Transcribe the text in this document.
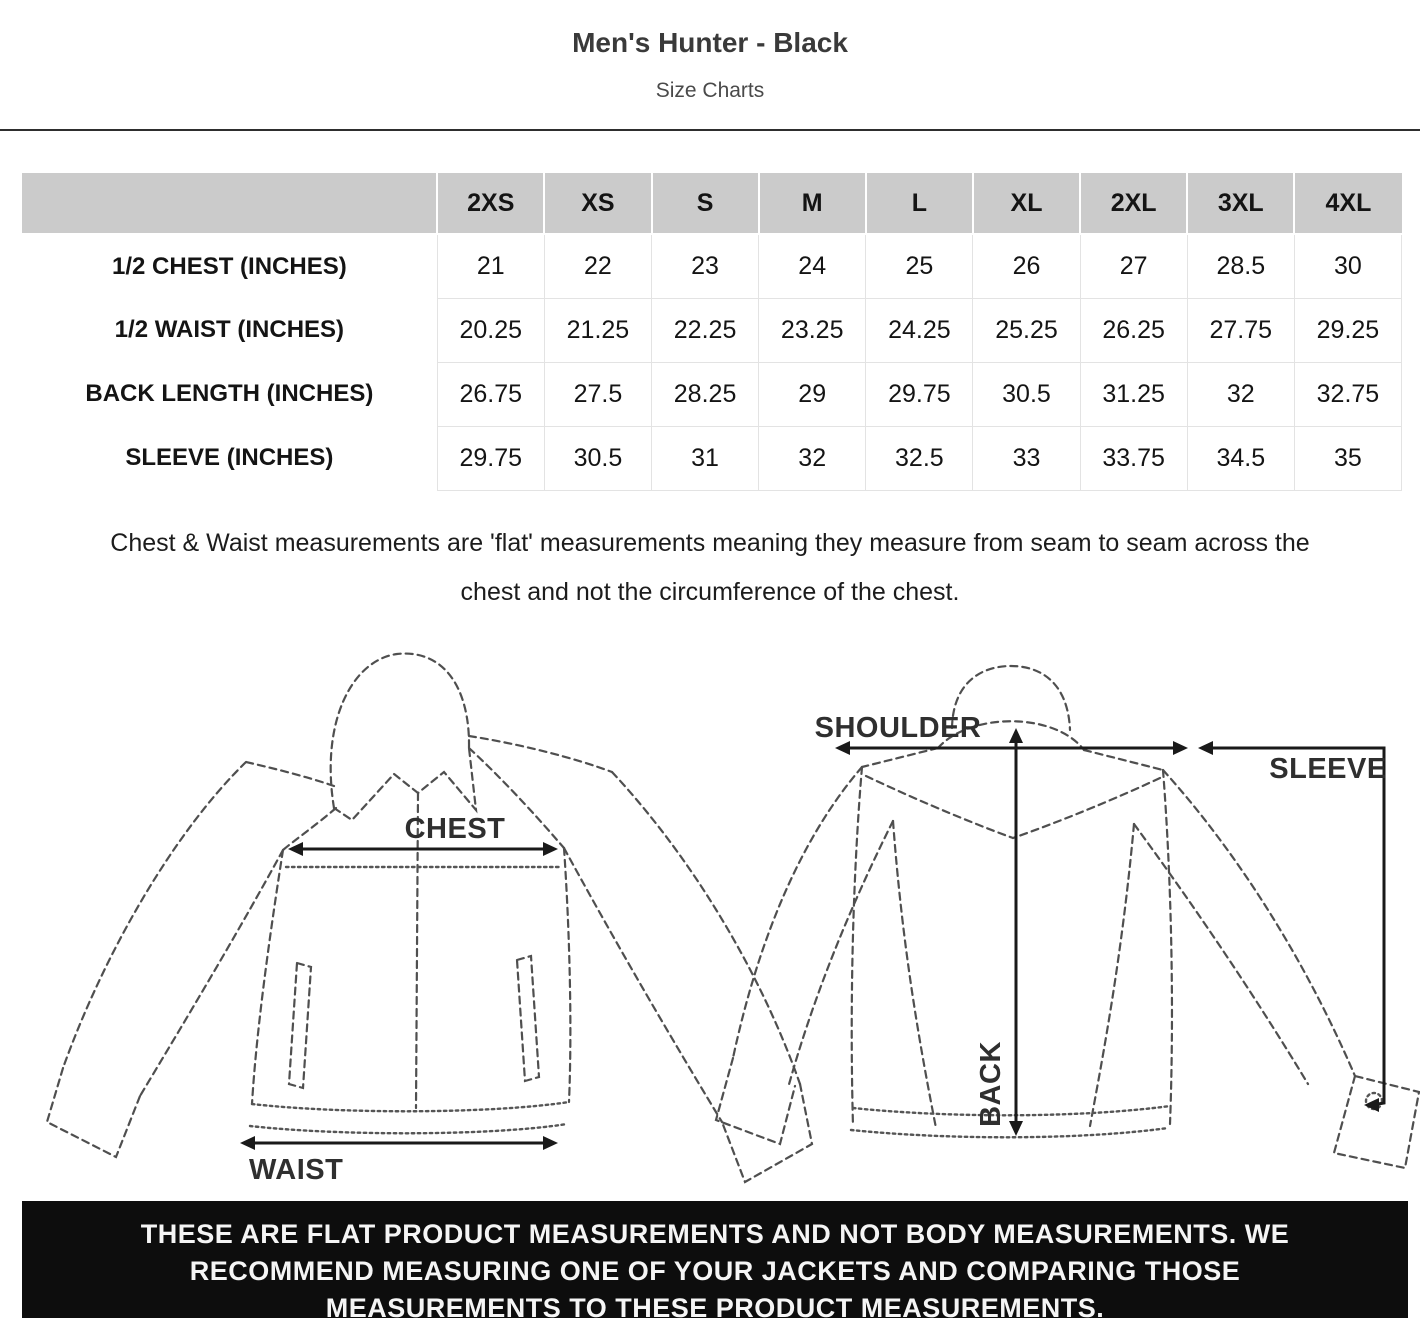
Men's Hunter - Black
Size Charts
	2XS	XS	S	M	L	XL	2XL	3XL	4XL
1/2 CHEST (INCHES)	21	22	23	24	25	26	27	28.5	30
1/2 WAIST (INCHES)	20.25	21.25	22.25	23.25	24.25	25.25	26.25	27.75	29.25
BACK LENGTH (INCHES)	26.75	27.5	28.25	29	29.75	30.5	31.25	32	32.75
SLEEVE (INCHES)	29.75	30.5	31	32	32.5	33	33.75	34.5	35
Chest & Waist measurements are 'flat' measurements meaning they measure from seam to seam across the
chest and not the circumference of the chest.
CHEST
WAIST
SHOULDER
SLEEVE
BACK
THESE ARE FLAT PRODUCT MEASUREMENTS AND NOT BODY MEASUREMENTS. WE
RECOMMEND MEASURING ONE OF YOUR JACKETS AND COMPARING THOSE
MEASUREMENTS TO THESE PRODUCT MEASUREMENTS.
